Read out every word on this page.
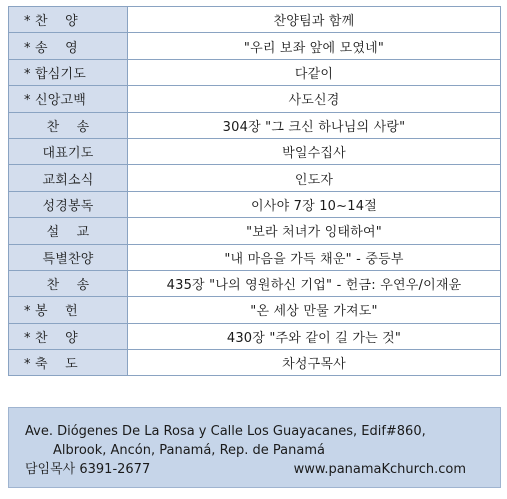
* 찬    양	찬양팀과 함께
* 송    영	"우리 보좌 앞에 모였네"
* 합심기도	다같이
* 신앙고백	사도신경
찬    송	304장 "그 크신 하나님의 사랑"
대표기도	박일수집사
교회소식	인도자
성경봉독	이사야 7장 10~14절
설    교	"보라 처녀가 잉태하여"
특별찬양	"내 마음을 가득 채운" - 중등부
찬    송	435장 "나의 영원하신 기업" - 헌금: 우연우/이재윤
* 봉    헌	"온 세상 만물 가져도"
* 찬    양	430장 "주와 같이 길 가는 것"
* 축    도	차성구목사
Ave. Diógenes De La Rosa y Calle Los Guayacanes, Edif#860,
Albrook, Ancón, Panamá, Rep. de Panamá
담임목사 6391-2677	www.panamaKchurch.com
